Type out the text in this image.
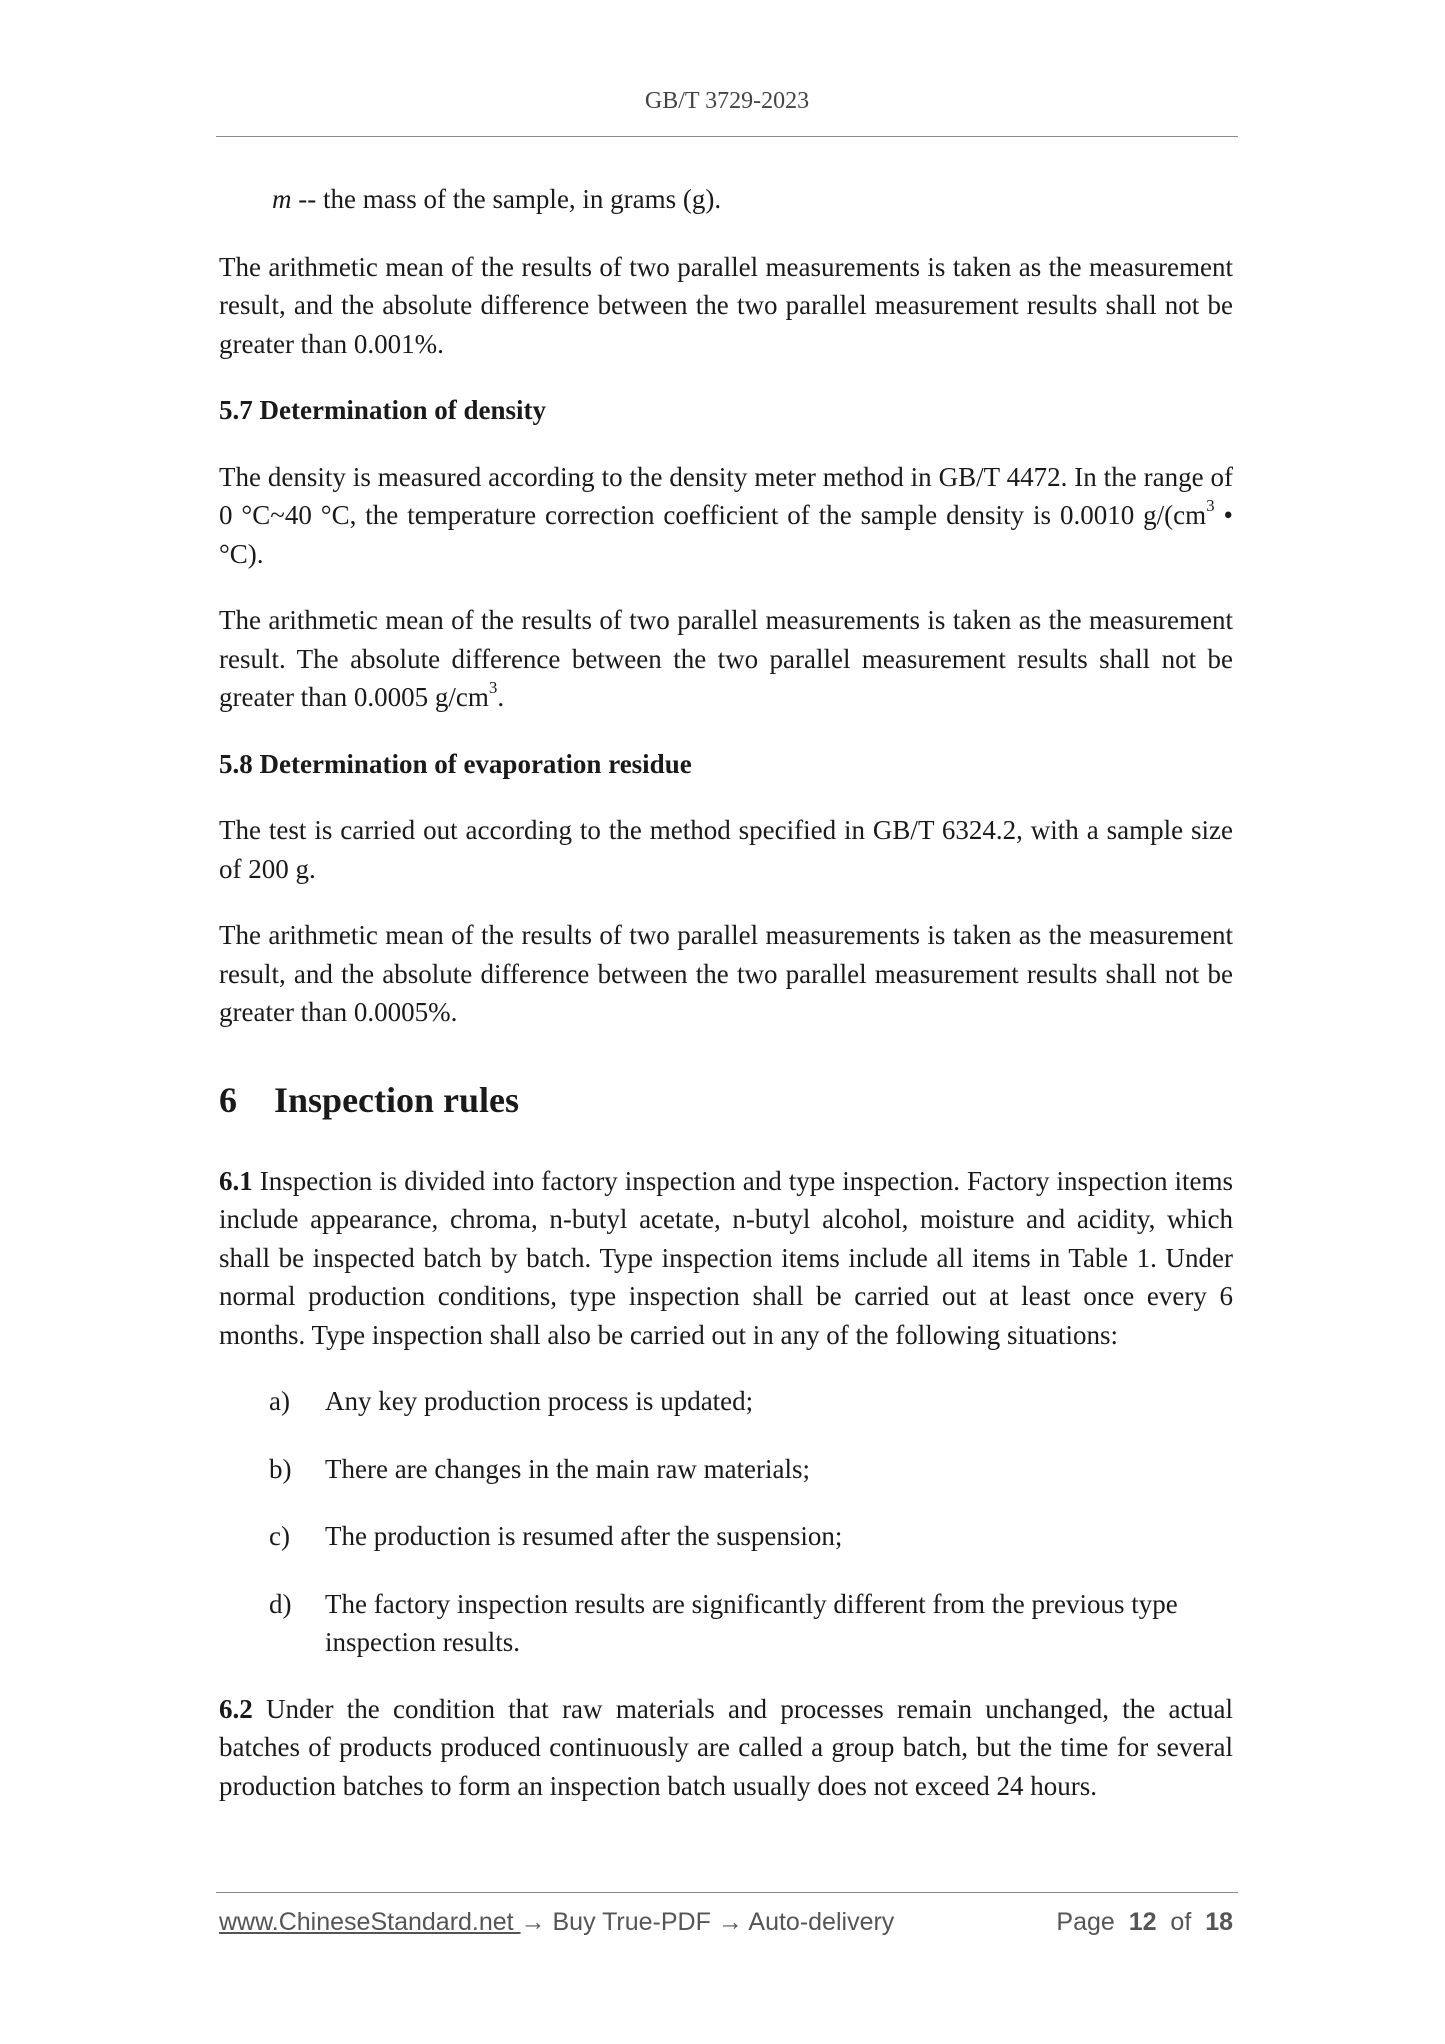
GB/T 3729-2023

m -- the mass of the sample, in grams (g).

The arithmetic mean of the results of two parallel measurements is taken as the measurement result, and the absolute difference between the two parallel measurement results shall not be greater than 0.001%.

5.7 Determination of density

The density is measured according to the density meter method in GB/T 4472. In the range of 0 °C~40 °C, the temperature correction coefficient of the sample density is 0.0010 $g/(cm^3$ • °C).

The arithmetic mean of the results of two parallel measurements is taken as the measurement result. The absolute difference between the two parallel measurement results shall not be greater than 0.0005 $g/cm^3$.

5.8 Determination of evaporation residue

The test is carried out according to the method specified in GB/T 6324.2, with a sample size of 200 g.

The arithmetic mean of the results of two parallel measurements is taken as the measurement result, and the absolute difference between the two parallel measurement results shall not be greater than 0.0005%.

6 Inspection rules

6.1 Inspection is divided into factory inspection and type inspection. Factory inspection items include appearance, chroma, n-butyl acetate, n-butyl alcohol, moisture and acidity, which shall be inspected batch by batch. Type inspection items include all items in Table 1. Under normal production conditions, type inspection shall be carried out at least once every 6 months. Type inspection shall also be carried out in any of the following situations:

a) Any key production process is updated;
b) There are changes in the main raw materials;
c) The production is resumed after the suspension;
d) The factory inspection results are significantly different from the previous type inspection results.

6.2 Under the condition that raw materials and processes remain unchanged, the actual batches of products produced continuously are called a group batch, but the time for several production batches to form an inspection batch usually does not exceed 24 hours.

www.ChineseStandard.net → Buy True-PDF → Auto-delivery	Page 12 of 18
